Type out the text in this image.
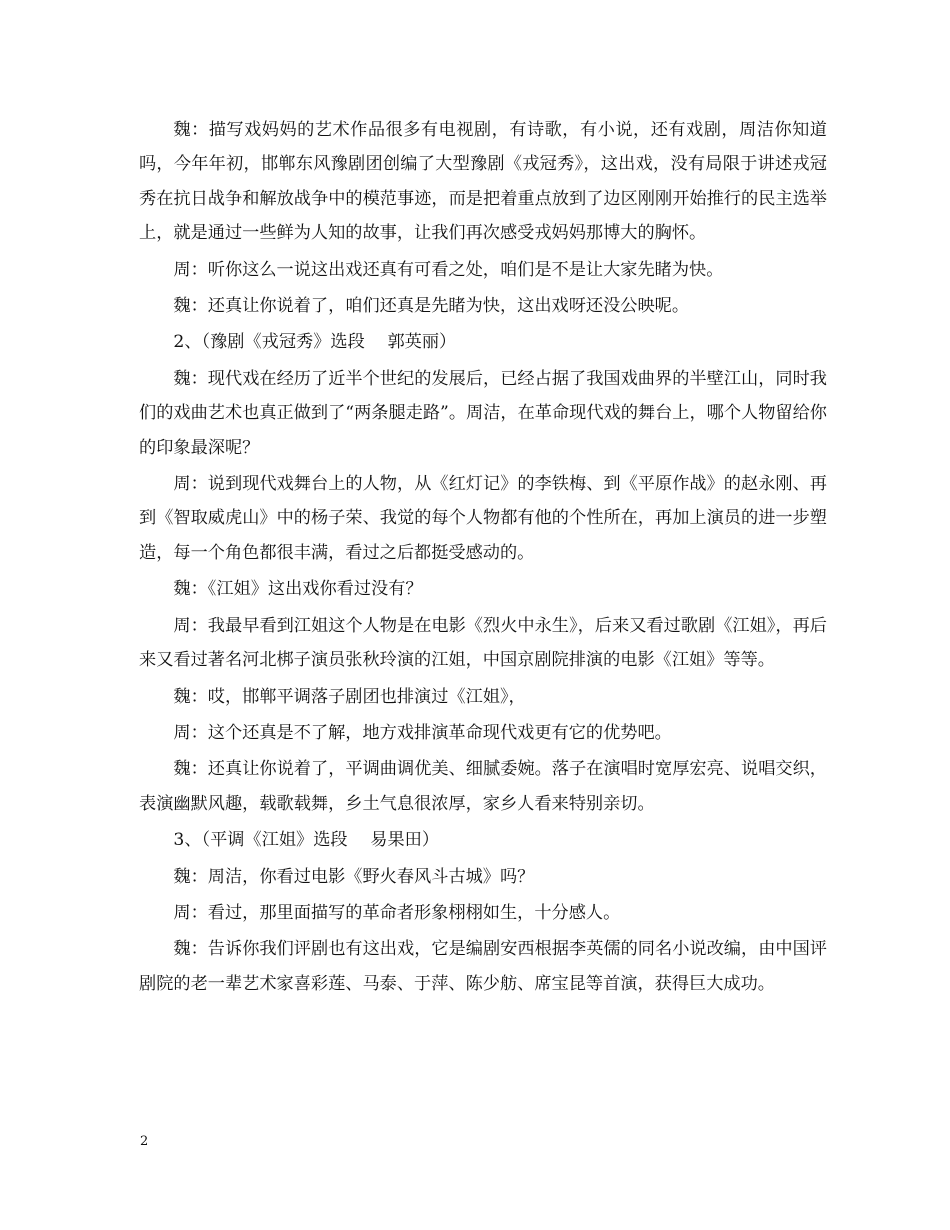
魏：描写戏妈妈的艺术作品很多有电视剧，有诗歌，有小说，还有戏剧，周洁你知道吗，今年年初，邯郸东风豫剧团创编了大型豫剧《戎冠秀》，这出戏，没有局限于讲述戎冠秀在抗日战争和解放战争中的模范事迹，而是把着重点放到了边区刚刚开始推行的民主选举上，就是通过一些鲜为人知的故事，让我们再次感受戎妈妈那博大的胸怀。

周：听你这么一说这出戏还真有可看之处，咱们是不是让大家先睹为快。

魏：还真让你说着了，咱们还真是先睹为快，这出戏呀还没公映呢。

2、（豫剧《戎冠秀》选段　 郭英丽）

魏：现代戏在经历了近半个世纪的发展后，已经占据了我国戏曲界的半壁江山，同时我们的戏曲艺术也真正做到了“两条腿走路”。周洁，在革命现代戏的舞台上，哪个人物留给你的印象最深呢？

周：说到现代戏舞台上的人物，从《红灯记》的李铁梅、到《平原作战》的赵永刚、再到《智取威虎山》中的杨子荣、我觉的每个人物都有他的个性所在，再加上演员的进一步塑造，每一个角色都很丰满，看过之后都挺受感动的。

魏：《江姐》这出戏你看过没有？

周：我最早看到江姐这个人物是在电影《烈火中永生》，后来又看过歌剧《江姐》，再后来又看过著名河北梆子演员张秋玲演的江姐，中国京剧院排演的电影《江姐》等等。

魏：哎，邯郸平调落子剧团也排演过《江姐》，

周：这个还真是不了解，地方戏排演革命现代戏更有它的优势吧。

魏：还真让你说着了，平调曲调优美、细腻委婉。落子在演唱时宽厚宏亮、说唱交织，表演幽默风趣，载歌载舞，乡土气息很浓厚，家乡人看来特别亲切。

3、（平调《江姐》选段　 易果田）

魏：周洁，你看过电影《野火春风斗古城》吗？

周：看过，那里面描写的革命者形象栩栩如生，十分感人。

魏：告诉你我们评剧也有这出戏，它是编剧安西根据李英儒的同名小说改编，由中国评剧院的老一辈艺术家喜彩莲、马泰、于萍、陈少舫、席宝昆等首演，获得巨大成功。

2
